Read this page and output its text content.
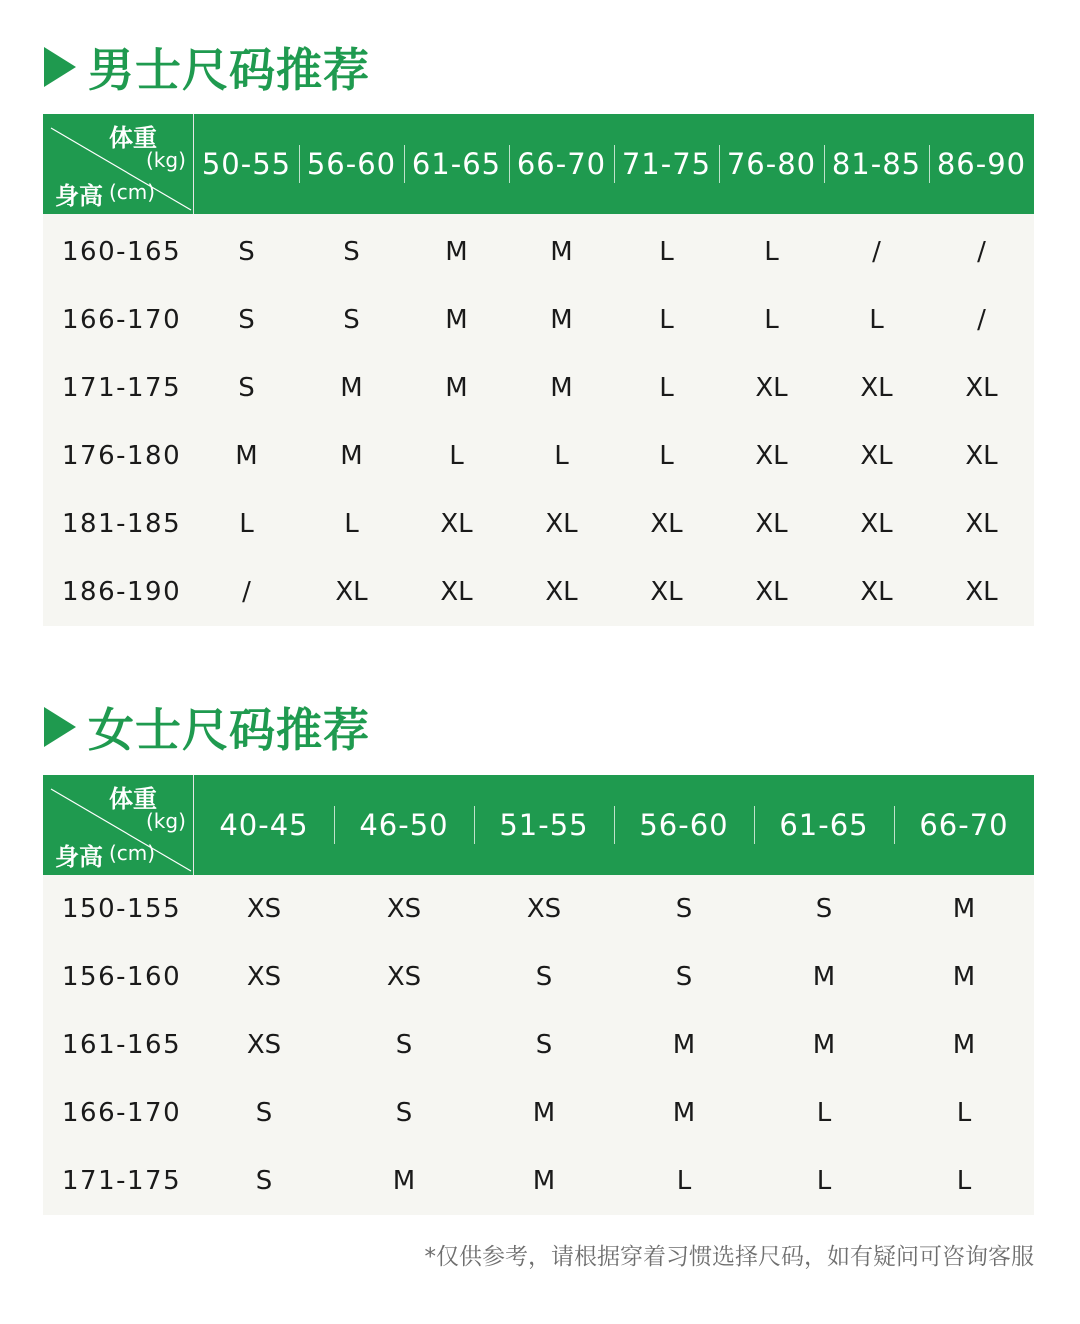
男士尺码推荐
体重
(kg)
身高 (cm)
50-55 56-60 61-65 66-70 71-75 76-80 81-85 86-90
160-165	S	S	M	M	L	L	/	/
166-170	S	S	M	M	L	L	L	/
171-175	S	M	M	M	L	XL	XL	XL
176-180	M	M	L	L	L	XL	XL	XL
181-185	L	L	XL	XL	XL	XL	XL	XL
186-190	/	XL	XL	XL	XL	XL	XL	XL
女士尺码推荐
体重
(kg)
身高 (cm)
40-45	46-50	51-55	56-60	61-65	66-70
150-155	XS	XS	XS	S	S	M
156-160	XS	XS	S	S	M	M
161-165	XS	S	S	M	M	M
166-170	S	S	M	M	L	L
171-175	S	M	M	L	L	L
*仅供参考，请根据穿着习惯选择尺码，如有疑问可咨询客服
